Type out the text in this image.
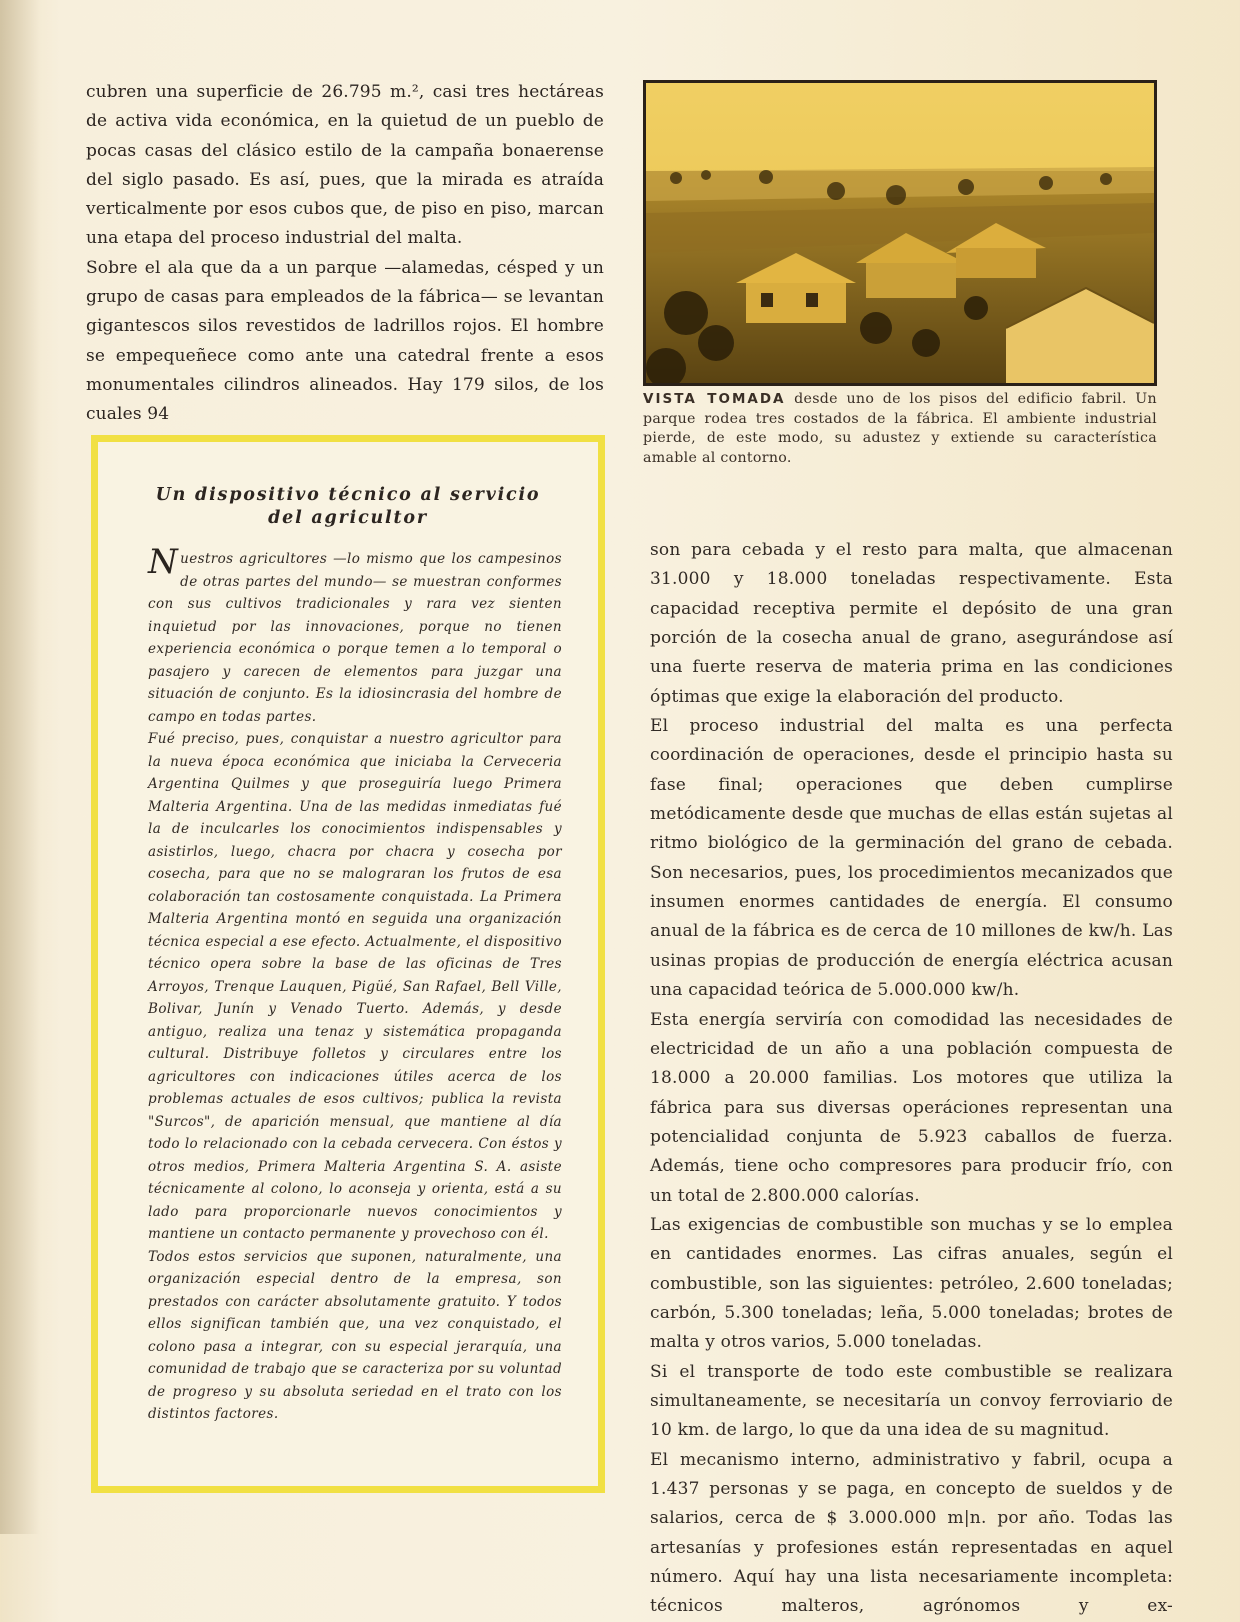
cubren una superficie de 26.795 m.², casi tres hectáreas de activa vida económica, en la quietud de un pueblo de pocas casas del clásico estilo de la campaña bonaerense del siglo pasado. Es así, pues, que la mirada es atraída verticalmente por esos cubos que, de piso en piso, marcan una etapa del proceso industrial del malta.

Sobre el ala que da a un parque —alamedas, césped y un grupo de casas para empleados de la fábrica— se levantan gigantescos silos revestidos de ladrillos rojos. El hombre se empequeñece como ante una catedral frente a esos monumentales cilindros alineados. Hay 179 silos, de los cuales 94

VISTA TOMADA desde uno de los pisos del edificio fabril. Un parque rodea tres costados de la fábrica. El ambiente industrial pierde, de este modo, su adustez y extiende su característica amable al contorno.
Un dispositivo técnico al servicio
del agricultor

Nuestros agricultores —lo mismo que los campesinos de otras partes del mundo— se muestran conformes con sus cultivos tradicionales y rara vez sienten inquietud por las innovaciones, porque no tienen experiencia económica o porque temen a lo temporal o pasajero y carecen de elementos para juzgar una situación de conjunto. Es la idiosincrasia del hombre de campo en todas partes.

Fué preciso, pues, conquistar a nuestro agricultor para la nueva época económica que iniciaba la Cerveceria Argentina Quilmes y que proseguiría luego Primera Malteria Argentina. Una de las medidas inmediatas fué la de inculcarles los conocimientos indispensables y asistirlos, luego, chacra por chacra y cosecha por cosecha, para que no se malograran los frutos de esa colaboración tan costosamente conquistada. La Primera Malteria Argentina montó en seguida una organización técnica especial a ese efecto. Actualmente, el dispositivo técnico opera sobre la base de las oficinas de Tres Arroyos, Trenque Lauquen, Pigüé, San Rafael, Bell Ville, Bolivar, Junín y Venado Tuerto. Además, y desde antiguo, realiza una tenaz y sistemática propaganda cultural. Distribuye folletos y circulares entre los agricultores con indicaciones útiles acerca de los problemas actuales de esos cultivos; publica la revista "Surcos", de aparición mensual, que mantiene al día todo lo relacionado con la cebada cervecera. Con éstos y otros medios, Primera Malteria Argentina S. A. asiste técnicamente al colono, lo aconseja y orienta, está a su lado para proporcionarle nuevos conocimientos y mantiene un contacto permanente y provechoso con él.

Todos estos servicios que suponen, naturalmente, una organización especial dentro de la empresa, son prestados con carácter absolutamente gratuito. Y todos ellos significan también que, una vez conquistado, el colono pasa a integrar, con su especial jerarquía, una comunidad de trabajo que se caracteriza por su voluntad de progreso y su absoluta seriedad en el trato con los distintos factores.

son para cebada y el resto para malta, que almacenan 31.000 y 18.000 toneladas respectivamente. Esta capacidad receptiva permite el depósito de una gran porción de la cosecha anual de grano, asegurándose así una fuerte reserva de materia prima en las condiciones óptimas que exige la elaboración del producto.

El proceso industrial del malta es una perfecta coordinación de operaciones, desde el principio hasta su fase final; operaciones que deben cumplirse metódicamente desde que muchas de ellas están sujetas al ritmo biológico de la germinación del grano de cebada. Son necesarios, pues, los procedimientos mecanizados que insumen enormes cantidades de energía. El consumo anual de la fábrica es de cerca de 10 millones de kw/h. Las usinas propias de producción de energía eléctrica acusan una capacidad teórica de 5.000.000 kw/h.

Esta energía serviría con comodidad las necesidades de electricidad de un año a una población compuesta de 18.000 a 20.000 familias. Los motores que utiliza la fábrica para sus diversas operáciones representan una potencialidad conjunta de 5.923 caballos de fuerza. Además, tiene ocho compresores para producir frío, con un total de 2.800.000 calorías.

Las exigencias de combustible son muchas y se lo emplea en cantidades enormes. Las cifras anuales, según el combustible, son las siguientes: petróleo, 2.600 toneladas; carbón, 5.300 toneladas; leña, 5.000 toneladas; brotes de malta y otros varios, 5.000 toneladas.

Si el transporte de todo este combustible se realizara simultaneamente, se necesitaría un convoy ferroviario de 10 km. de largo, lo que da una idea de su magnitud.

El mecanismo interno, administrativo y fabril, ocupa a 1.437 personas y se paga, en concepto de sueldos y de salarios, cerca de $ 3.000.000 m|n. por año. Todas las artesanías y profesiones están representadas en aquel número. Aquí hay una lista necesariamente incompleta: técnicos malteros, agrónomos y ex-
